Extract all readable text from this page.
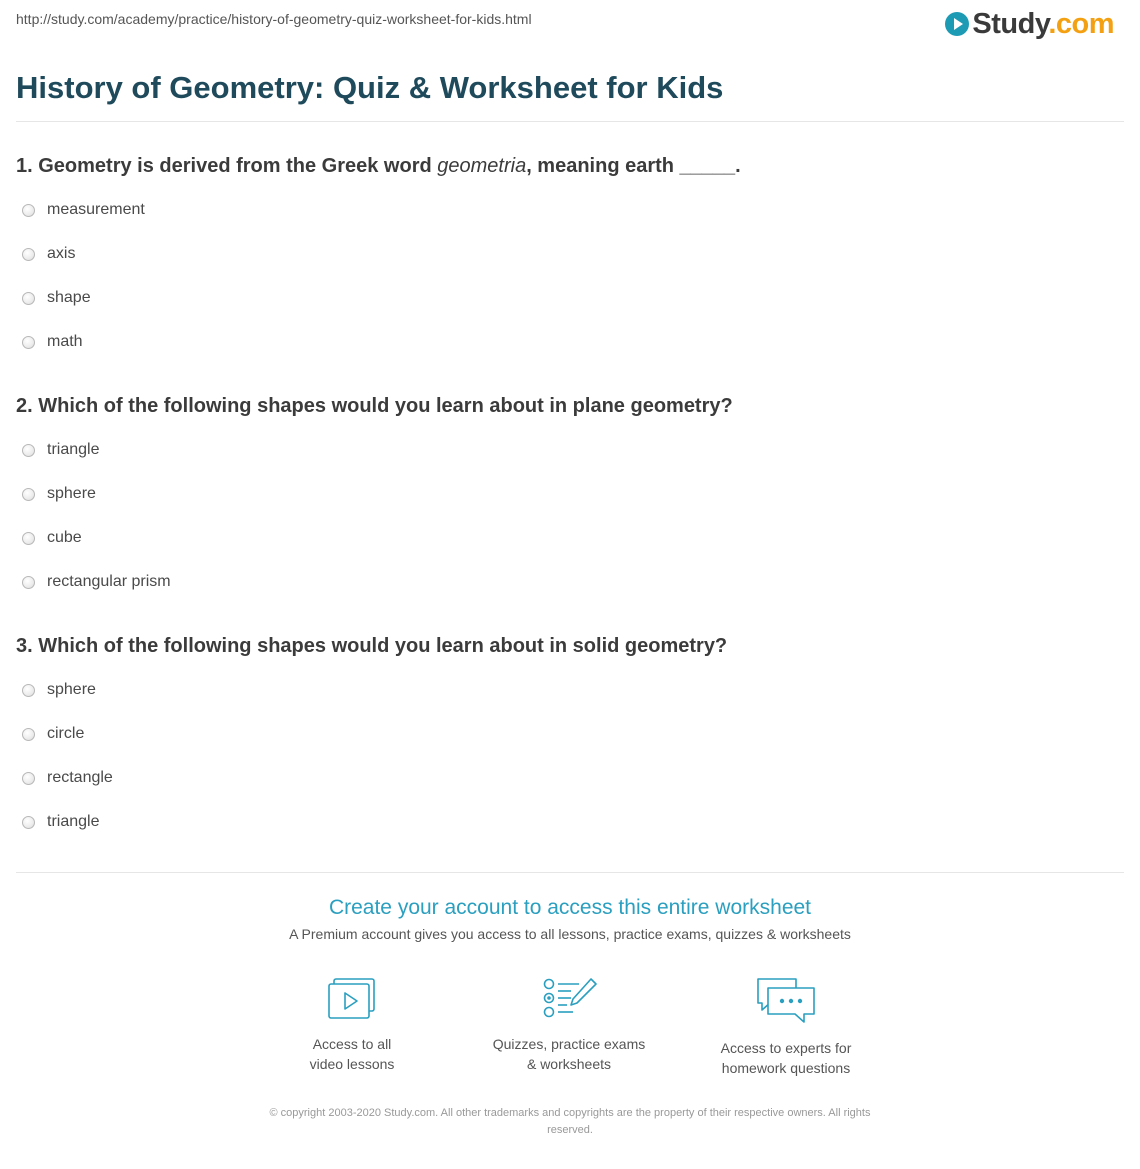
http://study.com/academy/practice/history-of-geometry-quiz-worksheet-for-kids.html	Study.com
History of Geometry: Quiz & Worksheet for Kids
1. Geometry is derived from the Greek word geometria, meaning earth _____.
measurement
axis
shape
math
2. Which of the following shapes would you learn about in plane geometry?
triangle
sphere
cube
rectangular prism
3. Which of the following shapes would you learn about in solid geometry?
sphere
circle
rectangle
triangle
Create your account to access this entire worksheet
A Premium account gives you access to all lessons, practice exams, quizzes & worksheets
Access to all
video lessons
Quizzes, practice exams
& worksheets
Access to experts for
homework questions
© copyright 2003-2020 Study.com. All other trademarks and copyrights are the property of their respective owners. All rights
reserved.
